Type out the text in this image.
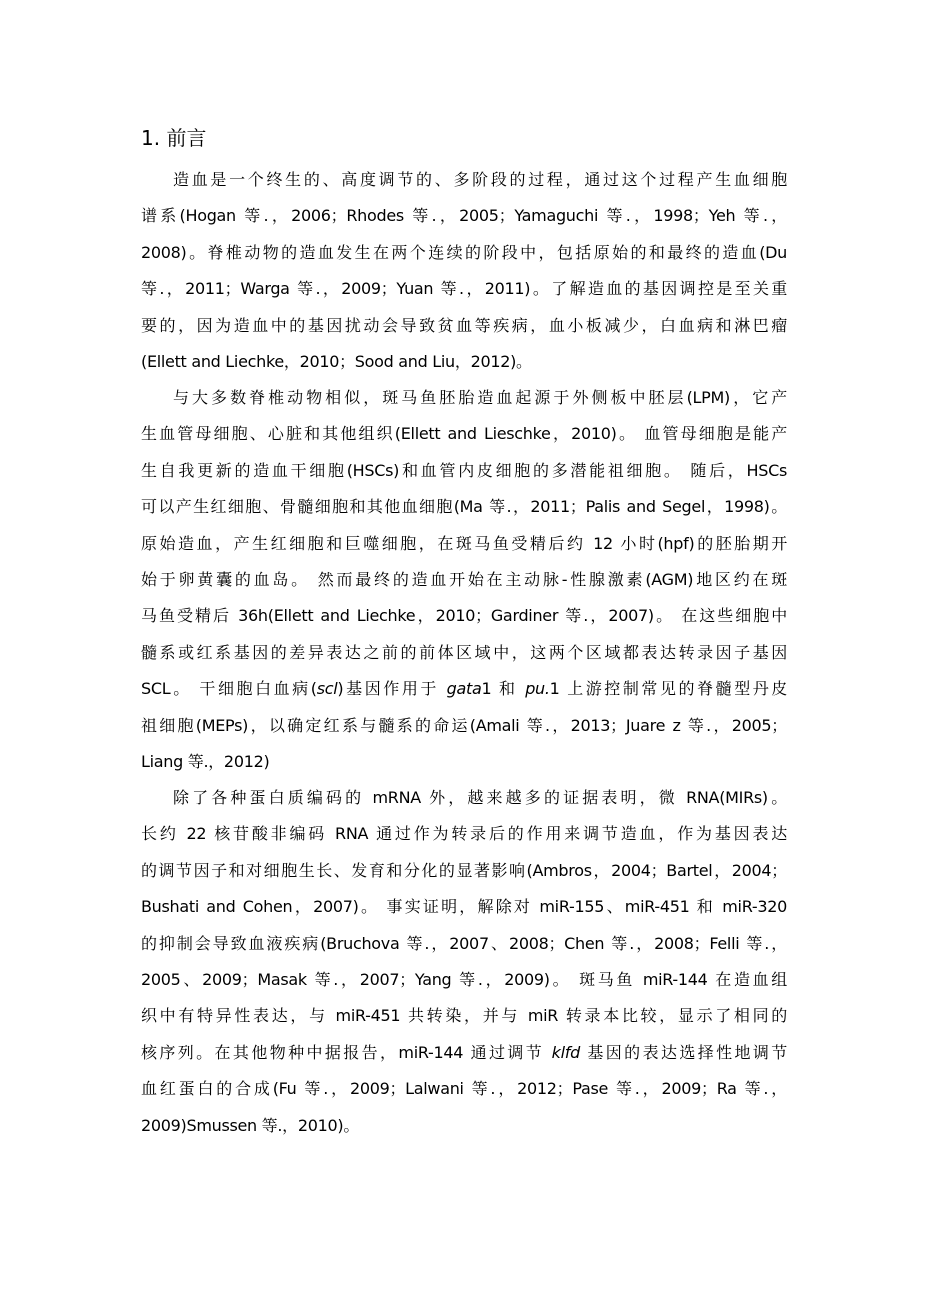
1. 前言
造血是一个终生的、高度调节的、多阶段的过程，通过这个过程产生血细胞
谱系(Hogan 等.，2006；Rhodes 等.，2005；Yamaguchi 等.，1998；Yeh 等.，
2008)。脊椎动物的造血发生在两个连续的阶段中，包括原始的和最终的造血(Du
等.，2011；Warga 等.，2009；Yuan 等.，2011)。了解造血的基因调控是至关重
要的，因为造血中的基因扰动会导致贫血等疾病，血小板减少，白血病和淋巴瘤
(Ellett and Liechke，2010；Sood and Liu，2012)。
与大多数脊椎动物相似，斑马鱼胚胎造血起源于外侧板中胚层(LPM)，它产
生血管母细胞、心脏和其他组织(Ellett and Lieschke，2010)。 血管母细胞是能产
生自我更新的造血干细胞(HSCs)和血管内皮细胞的多潜能祖细胞。 随后，HSCs
可以产生红细胞、骨髓细胞和其他血细胞(Ma 等.，2011；Palis and Segel，1998)。
原始造血，产生红细胞和巨噬细胞，在斑马鱼受精后约 12 小时(hpf)的胚胎期开
始于卵黄囊的血岛。 然而最终的造血开始在主动脉-性腺激素(AGM)地区约在斑
马鱼受精后 36h(Ellett and Liechke，2010；Gardiner 等.，2007)。 在这些细胞中
髓系或红系基因的差异表达之前的前体区域中，这两个区域都表达转录因子基因
SCL。 干细胞白血病(scl)基因作用于 gata1 和 pu.1 上游控制常见的脊髓型丹皮
祖细胞(MEPs)，以确定红系与髓系的命运(Amali 等.，2013；Juare z 等.，2005；
Liang 等.，2012)
除了各种蛋白质编码的 mRNA 外，越来越多的证据表明，微 RNA(MIRs)。
长约 22 核苷酸非编码 RNA 通过作为转录后的作用来调节造血，作为基因表达
的调节因子和对细胞生长、发育和分化的显著影响(Ambros，2004；Bartel，2004；
Bushati and Cohen，2007)。 事实证明，解除对 miR-155、miR-451 和 miR-320
的抑制会导致血液疾病(Bruchova 等.，2007、2008；Chen 等.，2008；Felli 等.，
2005、2009；Masak 等.，2007；Yang 等.，2009)。 斑马鱼 miR-144 在造血组
织中有特异性表达，与 miR-451 共转染，并与 miR 转录本比较，显示了相同的
核序列。在其他物种中据报告，miR-144 通过调节 klfd 基因的表达选择性地调节
血红蛋白的合成(Fu 等.，2009；Lalwani 等.，2012；Pase 等.，2009；Ra 等.，
2009)Smussen 等.，2010)。
